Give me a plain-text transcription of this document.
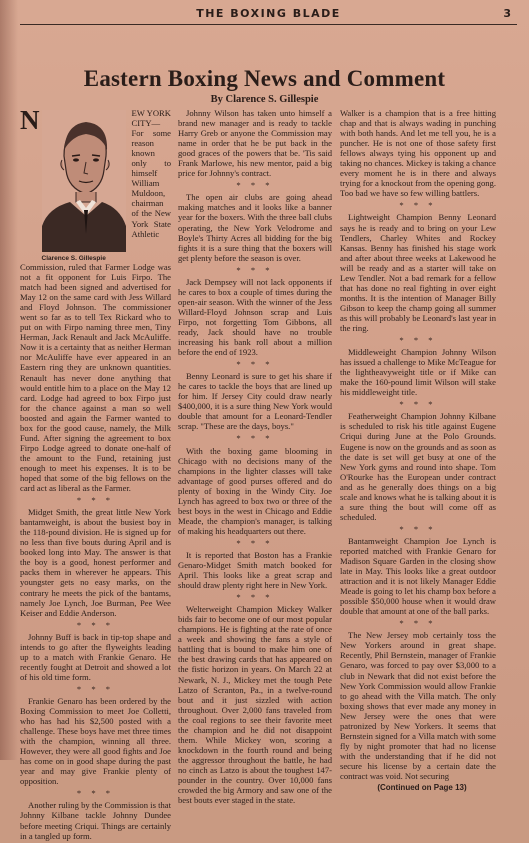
THE BOXING BLADE	3
Eastern Boxing News and Comment
By Clarence S. Gillespie

N
Clarence S. Gillespie
EW YORK CITY—For some reason known only to himself William Muldoon, chairman of the New York State Athletic Commission, ruled that Farmer Lodge was not a fit opponent for Luis Firpo. The match had been signed and advertised for May 12 on the same card with Jess Willard and Floyd Johnson. The commissioner went so far as to tell Tex Rickard who to put on with Firpo naming three men, Tiny Herman, Jack Renault and Jack McAuliffe. Now it is a certainty that as neither Herman nor McAuliffe have ever appeared in an Eastern ring they are unknown quantities. Renault has never done anything that would entitle him to a place on the May 12 card. Lodge had agreed to box Firpo just for the chance against a man so well boosted and again the Farmer wanted to box for the good cause, namely, the Milk Fund. After signing the agreement to box Firpo Lodge agreed to donate one-half of the amount to the Fund, retaining just enough to meet his expenses. It is to be hoped that some of the big fellows on the card act as liberal as the Farmer.

* * *

Midget Smith, the great little New York bantamweight, is about the busiest boy in the 118-pound division. He is signed up for no less than five bouts during April and is booked long into May. The answer is that the boy is a good, honest performer and packs them in wherever he appears. This youngster gets no easy marks, on the contrary he meets the pick of the bantams, namely Joe Lynch, Joe Burman, Pee Wee Keiser and Eddie Anderson.

* * *

Johnny Buff is back in tip-top shape and intends to go after the flyweights leading up to a match with Frankie Genaro. He recently fought at Detroit and showed a lot of his old time form.

* * *

Frankie Genaro has been ordered by the Boxing Commission to meet Joe Colletti, who has had his $2,500 posted with a challenge. These boys have met three times with the champion, winning all three. However, they were all good fights and Joe has come on in good shape during the past year and may give Frankie plenty of opposition.

* * *

Another ruling by the Commission is that Johnny Kilbane tackle Johnny Dundee before meeting Criqui. Things are certainly in a tangled up form.

Johnny Wilson has taken unto himself a brand new manager and is ready to tackle Harry Greb or anyone the Commission may name in order that he be put back in the good graces of the powers that be. 'Tis said Frank Marlowe, his new mentor, paid a big price for Johnny's contract.

* * *

The open air clubs are going ahead making matches and it looks like a banner year for the boxers. With the three ball clubs operating, the New York Velodrome and Boyle's Thirty Acres all bidding for the big fights it is a sure thing that the boxers will get plenty before the season is over.

* * *

Jack Dempsey will not lack opponents if he cares to box a couple of times during the open-air season. With the winner of the Jess Willard-Floyd Johnson scrap and Luis Firpo, not forgetting Tom Gibbons, all ready, Jack should have no trouble increasing his bank roll about a million before the end of 1923.

* * *

Benny Leonard is sure to get his share if he cares to tackle the boys that are lined up for him. If Jersey City could draw nearly $400,000, it is a sure thing New York would double that amount for a Leonard-Tendler scrap. "These are the days, boys."

* * *

With the boxing game blooming in Chicago with no decisions many of the champions in the lighter classes will take advantage of good purses offered and do plenty of boxing in the Windy City. Joe Lynch has agreed to box two or three of the best boys in the west in Chicago and Eddie Meade, the champion's manager, is talking of making his headquarters out there.

* * *

It is reported that Boston has a Frankie Genaro-Midget Smith match booked for April. This looks like a great scrap and should draw plenty right here in New York.

* * *

Welterweight Champion Mickey Walker bids fair to become one of our most popular champions. He is fighting at the rate of once a week and showing the fans a style of battling that is bound to make him one of the best drawing cards that has appeared on the fistic horizon in years. On March 22 at Newark, N. J., Mickey met the tough Pete Latzo of Scranton, Pa., in a twelve-round bout and it just sizzled with action throughout. Over 2,000 fans traveled from the coal regions to see their favorite meet the champion and he did not disappoint them. While Mickey won, scoring a knockdown in the fourth round and being the aggressor throughout the battle, he had no cinch as Latzo is about the toughest 147-pounder in the country. Over 10,000 fans crowded the big Armory and saw one of the best bouts ever staged in the state.

Walker is a champion that is a free hitting chap and that is always wading in punching with both hands. And let me tell you, he is a puncher. He is not one of those safety first fellows always tying his opponent up and taking no chances. Mickey is taking a chance every moment he is in there and always trying for a knockout from the opening gong. Too bad we have so few willing battlers.

* * *

Lightweight Champion Benny Leonard says he is ready and to bring on your Lew Tendlers, Charley Whites and Rockey Kansas. Benny has finished his stage work and after about three weeks at Lakewood he will be ready and as a starter will take on Lew Tendler. Not a bad remark for a fellow that has done no real fighting in over eight months. It is the intention of Manager Billy Gibson to keep the champ going all summer as this will probably be Leonard's last year in the ring.

* * *

Middleweight Champion Johnny Wilson has issued a challenge to Mike McTeague for the lightheavyweight title or if Mike can make the 160-pound limit Wilson will stake his middleweight title.

* * *

Featherweight Champion Johnny Kilbane is scheduled to risk his title against Eugene Criqui during June at the Polo Grounds. Eugene is now on the grounds and as soon as the date is set will get busy at one of the New York gyms and round into shape. Tom O'Rourke has the European under contract and as he generally does things on a big scale and knows what he is talking about it is a sure thing the bout will come off as scheduled.

* * *

Bantamweight Champion Joe Lynch is reported matched with Frankie Genaro for Madison Square Garden in the closing show late in May. This looks like a great outdoor attraction and it is not likely Manager Eddie Meade is going to let his champ box before a possible $50,000 house when it would draw double that amount at one of the ball parks.

* * *

The New Jersey mob certainly toss the New Yorkers around in great shape. Recently, Phil Bernstein, manager of Frankie Genaro, was forced to pay over $3,000 to a club in Newark that did not exist before the New York Commission would allow Frankie to go ahead with the Villa match. The only boxing shows that ever made any money in New Jersey were the ones that were patronized by New Yorkers. It seems that Bernstein signed for a Villa match with some fly by night promoter that had no license with the understanding that if he did not secure his license by a certain date the contract was void. Not securing

(Continued on Page 13)
